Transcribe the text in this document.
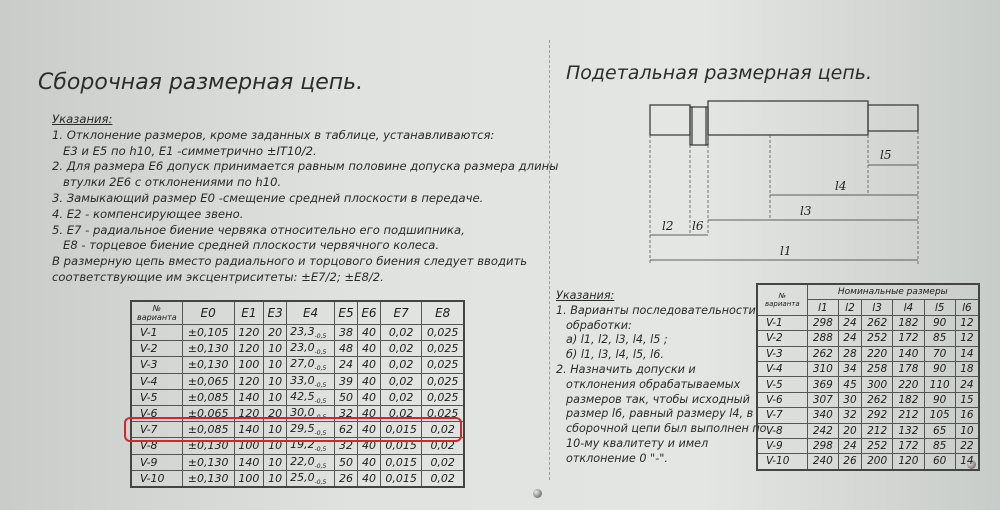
Сборочная размерная цепь.
Указания:
1. Отклонение размеров, кроме заданных в таблице, устанавливаются:
E3 и E5 по h10, E1 -симметрично ±IT10/2.
2. Для размера E6 допуск принимается равным половине допуска размера длины
втулки 2E6 с отклонениями по h10.
3. Замыкающий размер E0 -смещение средней плоскости в передаче.
4. E2 - компенсирующее звено.
5. E7 - радиальное биение червяка относительно его подшипника,
E8 - торцевое биение средней плоскости червячного колеса.
В размерную цепь вместо радиального и торцового биения следует вводить
соответствующие им эксцентриситеты: ±E7/2; ±E8/2.
№
варианта	E0	E1	E3	E4	E5	E6	E7	E8
V-1	±0,105	120	20	$23,3_{-0,5}$	38	40	0,02	0,025
V-2	±0,130	120	10	$23,0_{-0,5}$	48	40	0,02	0,025
V-3	±0,130	100	10	$27,0_{-0,5}$	24	40	0,02	0,025
V-4	±0,065	120	10	$33,0_{-0,5}$	39	40	0,02	0,025
V-5	±0,085	140	10	$42,5_{-0,5}$	50	40	0,02	0,025
V-6	±0,065	120	20	$30,0_{-0,5}$	32	40	0,02	0,025
V-7	±0,085	140	10	$29,5_{-0,5}$	62	40	0,015	0,02
V-8	±0,130	100	10	$19,2_{-0,5}$	32	40	0,015	0,02
V-9	±0,130	140	10	$22,0_{-0,5}$	50	40	0,015	0,02
V-10	±0,130	100	10	$25,0_{-0,5}$	26	40	0,015	0,02
Подетальная размерная цепь.
l5
l4
l3
l2 l6
l1
Указания:
1. Варианты последовательности
обработки:
а) l1, l2, l3, l4, l5 ;
б) l1, l3, l4, l5, l6.
2. Назначить допуски и
отклонения обрабатываемых
размеров так, чтобы исходный
размер l6, равный размеру l4, в
сборочной цепи был выполнен по
10-му квалитету и имел
отклонение 0 "-".
№
варианта	Номинальные размеры					
	l1	l2	l3	l4	l5	l6
V-1	298	24	262	182	90	12
V-2	288	24	252	172	85	12
V-3	262	28	220	140	70	14
V-4	310	34	258	178	90	18
V-5	369	45	300	220	110	24
V-6	307	30	262	182	90	15
V-7	340	32	292	212	105	16
V-8	242	20	212	132	65	10
V-9	298	24	252	172	85	22
V-10	240	26	200	120	60	14
